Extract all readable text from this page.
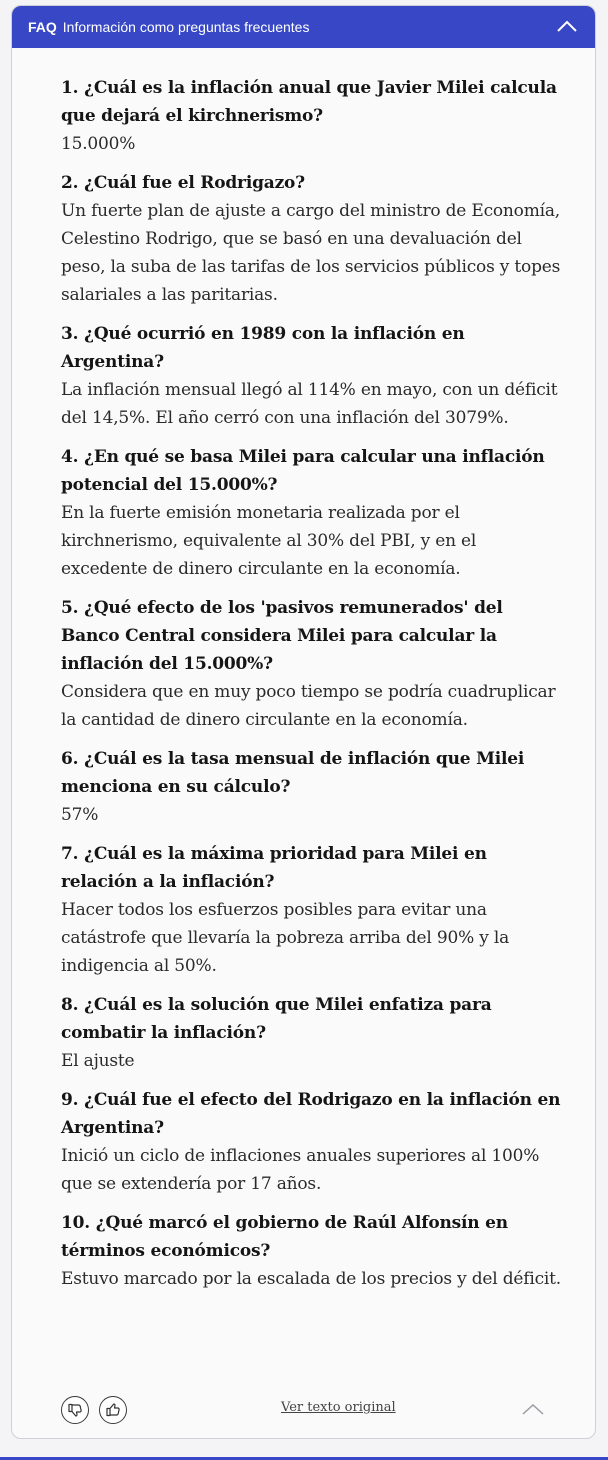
FAQ Información como preguntas frecuentes

1. ¿Cuál es la inflación anual que Javier Milei calcula que dejará el kirchnerismo?

15.000%

2. ¿Cuál fue el Rodrigazo?

Un fuerte plan de ajuste a cargo del ministro de Economía, Celestino Rodrigo, que se basó en una devaluación del peso, la suba de las tarifas de los servicios públicos y topes salariales a las paritarias.

3. ¿Qué ocurrió en 1989 con la inflación en Argentina?

La inflación mensual llegó al 114% en mayo, con un déficit del 14,5%. El año cerró con una inflación del 3079%.

4. ¿En qué se basa Milei para calcular una inflación potencial del 15.000%?

En la fuerte emisión monetaria realizada por el kirchnerismo, equivalente al 30% del PBI, y en el excedente de dinero circulante en la economía.

5. ¿Qué efecto de los 'pasivos remunerados' del Banco Central considera Milei para calcular la inflación del 15.000%?

Considera que en muy poco tiempo se podría cuadruplicar la cantidad de dinero circulante en la economía.

6. ¿Cuál es la tasa mensual de inflación que Milei menciona en su cálculo?

57%

7. ¿Cuál es la máxima prioridad para Milei en relación a la inflación?

Hacer todos los esfuerzos posibles para evitar una catástrofe que llevaría la pobreza arriba del 90% y la indigencia al 50%.

8. ¿Cuál es la solución que Milei enfatiza para combatir la inflación?

El ajuste

9. ¿Cuál fue el efecto del Rodrigazo en la inflación en Argentina?

Inició un ciclo de inflaciones anuales superiores al 100% que se extendería por 17 años.

10. ¿Qué marcó el gobierno de Raúl Alfonsín en términos económicos?

Estuvo marcado por la escalada de los precios y del déficit.

Ver texto original
